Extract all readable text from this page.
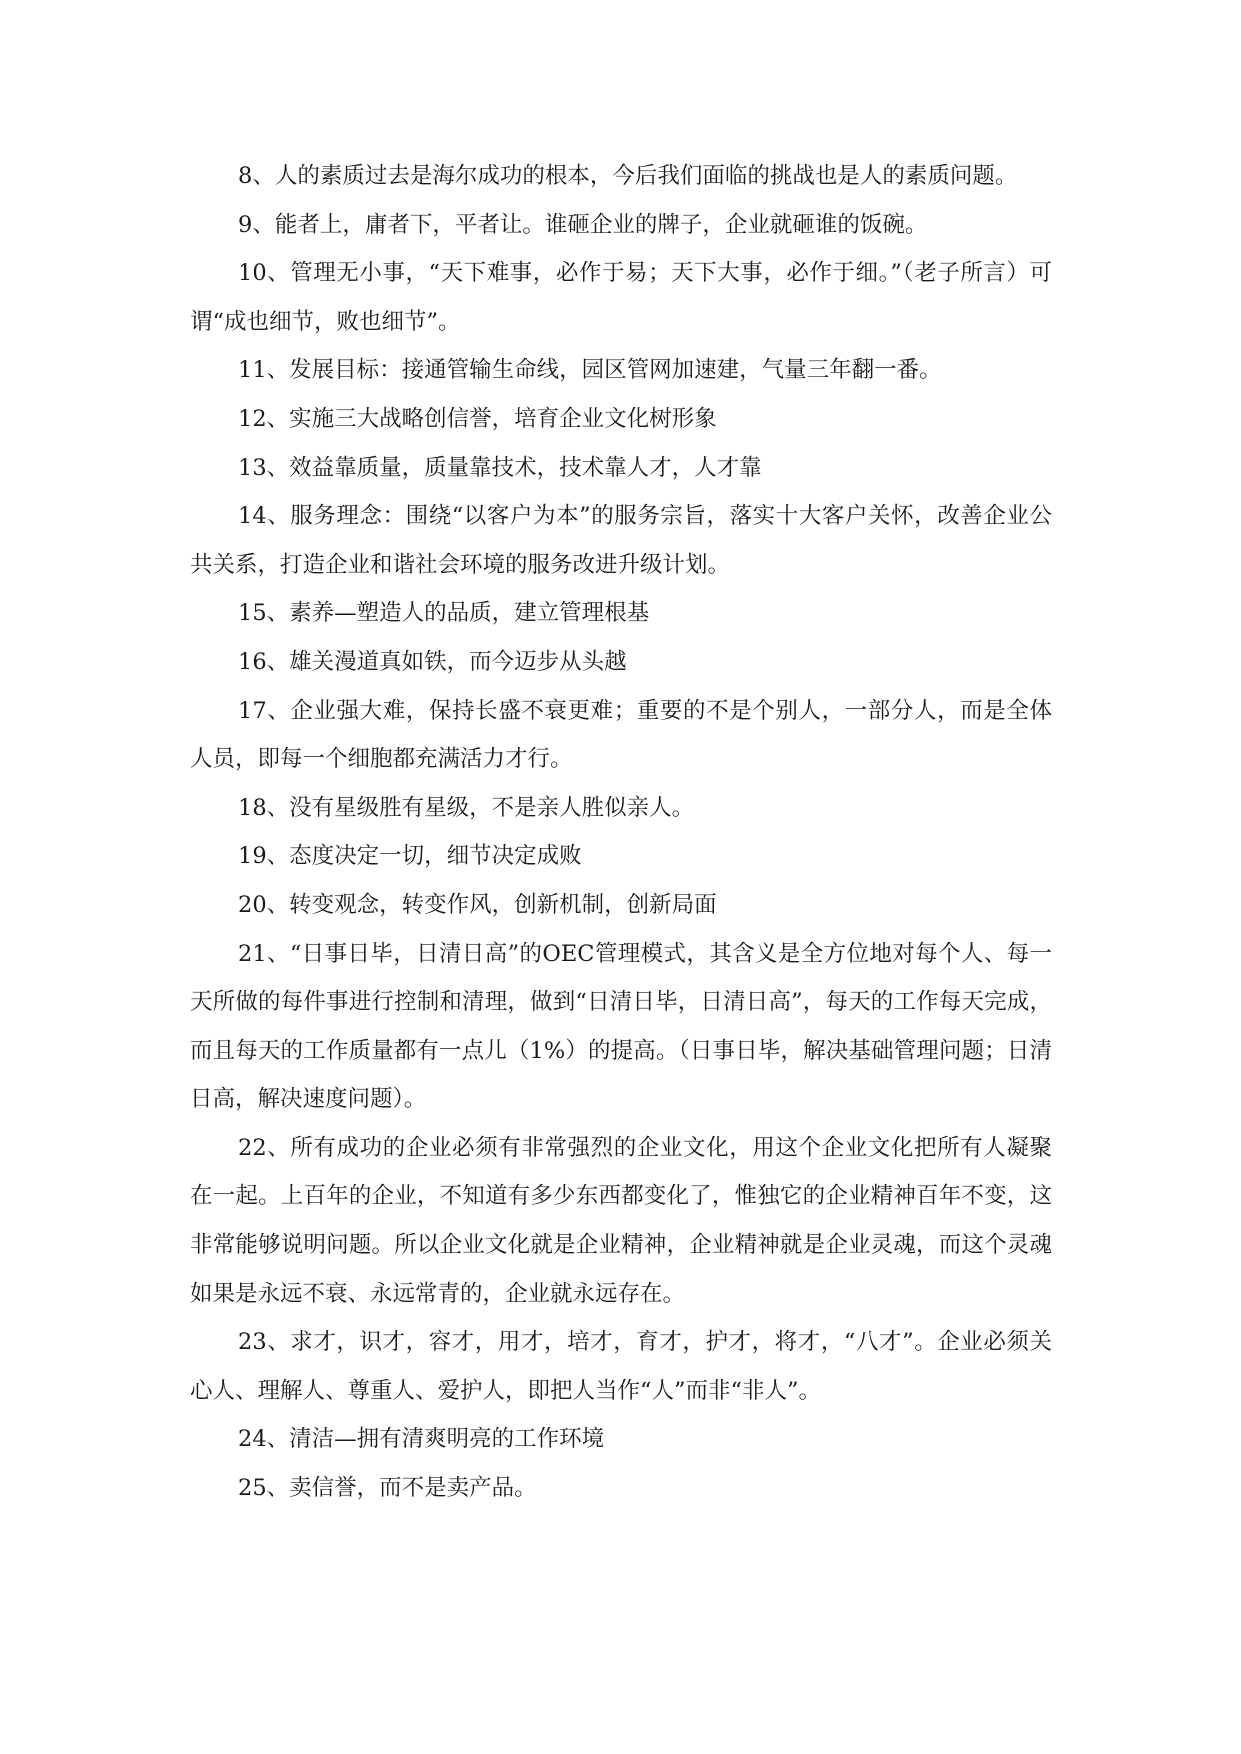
8、人的素质过去是海尔成功的根本，今后我们面临的挑战也是人的素质问题。

9、能者上，庸者下，平者让。谁砸企业的牌子，企业就砸谁的饭碗。

10、管理无小事，“天下难事，必作于易；天下大事，必作于细。”（老子所言）可谓“成也细节，败也细节”。

11、发展目标：接通管输生命线，园区管网加速建，气量三年翻一番。

12、实施三大战略创信誉，培育企业文化树形象

13、效益靠质量，质量靠技术，技术靠人才，人才靠

14、服务理念：围绕“以客户为本”的服务宗旨，落实十大客户关怀，改善企业公共关系，打造企业和谐社会环境的服务改进升级计划。

15、素养—塑造人的品质，建立管理根基

16、雄关漫道真如铁，而今迈步从头越

17、企业强大难，保持长盛不衰更难；重要的不是个别人，一部分人，而是全体人员，即每一个细胞都充满活力才行。

18、没有星级胜有星级，不是亲人胜似亲人。

19、态度决定一切，细节决定成败

20、转变观念，转变作风，创新机制，创新局面

21、“日事日毕，日清日高”的OEC管理模式，其含义是全方位地对每个人、每一天所做的每件事进行控制和清理，做到“日清日毕，日清日高”，每天的工作每天完成，而且每天的工作质量都有一点儿（1%）的提高。（日事日毕，解决基础管理问题；日清日高，解决速度问题）。

22、所有成功的企业必须有非常强烈的企业文化，用这个企业文化把所有人凝聚在一起。上百年的企业，不知道有多少东西都变化了，惟独它的企业精神百年不变，这非常能够说明问题。所以企业文化就是企业精神，企业精神就是企业灵魂，而这个灵魂如果是永远不衰、永远常青的，企业就永远存在。

23、求才，识才，容才，用才，培才，育才，护才，将才，“八才”。企业必须关心人、理解人、尊重人、爱护人，即把人当作“人”而非“非人”。

24、清洁—拥有清爽明亮的工作环境

25、卖信誉，而不是卖产品。
